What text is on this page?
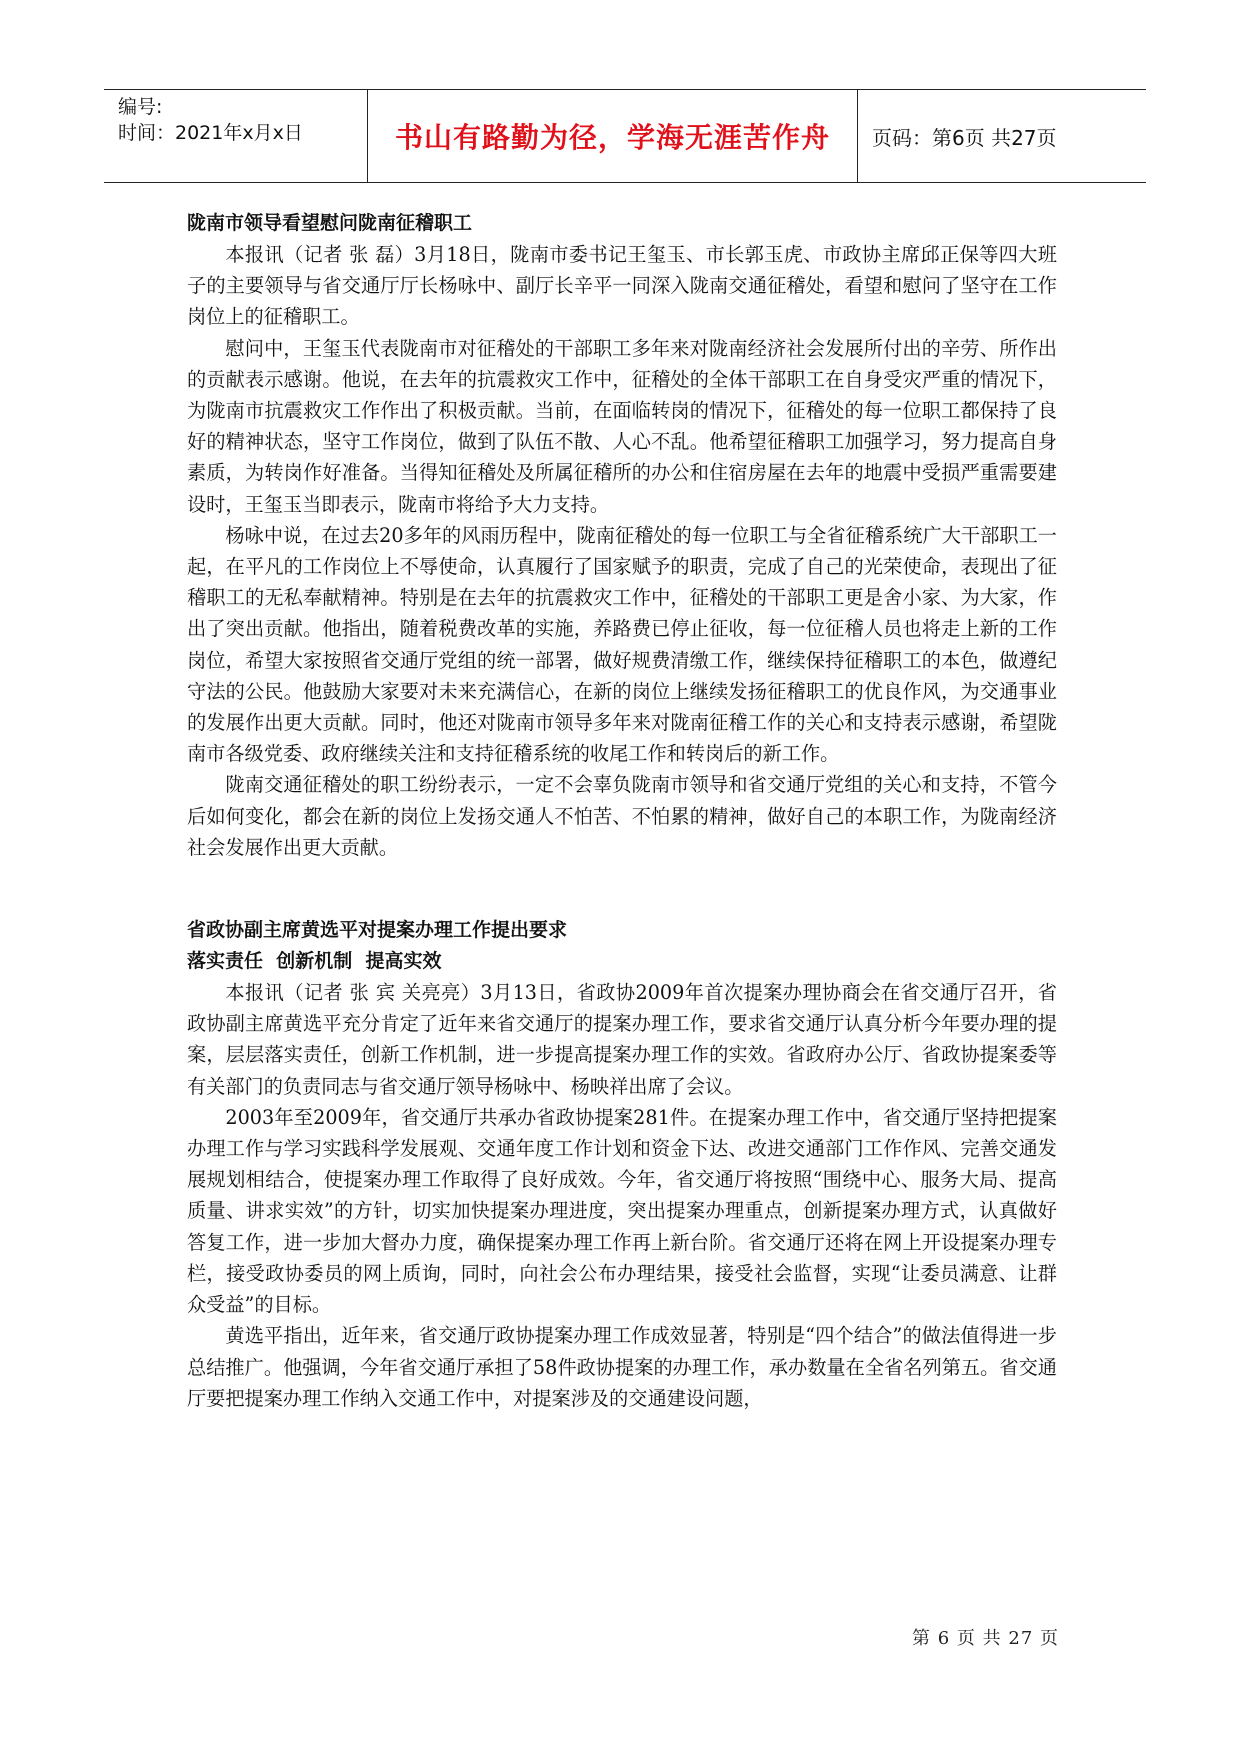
编号:
时间：2021年x月x日	书山有路勤为径，学海无涯苦作舟	页码：第6页 共27页

陇南市领导看望慰问陇南征稽职工

本报讯（记者 张 磊）3月18日，陇南市委书记王玺玉、市长郭玉虎、市政协主席邱正保等四大班子的主要领导与省交通厅厅长杨咏中、副厅长辛平一同深入陇南交通征稽处，看望和慰问了坚守在工作岗位上的征稽职工。

慰问中，王玺玉代表陇南市对征稽处的干部职工多年来对陇南经济社会发展所付出的辛劳、所作出的贡献表示感谢。他说，在去年的抗震救灾工作中，征稽处的全体干部职工在自身受灾严重的情况下，为陇南市抗震救灾工作作出了积极贡献。当前，在面临转岗的情况下，征稽处的每一位职工都保持了良好的精神状态，坚守工作岗位，做到了队伍不散、人心不乱。他希望征稽职工加强学习，努力提高自身素质，为转岗作好准备。当得知征稽处及所属征稽所的办公和住宿房屋在去年的地震中受损严重需要建设时，王玺玉当即表示，陇南市将给予大力支持。

杨咏中说，在过去20多年的风雨历程中，陇南征稽处的每一位职工与全省征稽系统广大干部职工一起，在平凡的工作岗位上不辱使命，认真履行了国家赋予的职责，完成了自己的光荣使命，表现出了征稽职工的无私奉献精神。特别是在去年的抗震救灾工作中，征稽处的干部职工更是舍小家、为大家，作出了突出贡献。他指出，随着税费改革的实施，养路费已停止征收，每一位征稽人员也将走上新的工作岗位，希望大家按照省交通厅党组的统一部署，做好规费清缴工作，继续保持征稽职工的本色，做遵纪守法的公民。他鼓励大家要对未来充满信心，在新的岗位上继续发扬征稽职工的优良作风，为交通事业的发展作出更大贡献。同时，他还对陇南市领导多年来对陇南征稽工作的关心和支持表示感谢，希望陇南市各级党委、政府继续关注和支持征稽系统的收尾工作和转岗后的新工作。

陇南交通征稽处的职工纷纷表示，一定不会辜负陇南市领导和省交通厅党组的关心和支持，不管今后如何变化，都会在新的岗位上发扬交通人不怕苦、不怕累的精神，做好自己的本职工作，为陇南经济社会发展作出更大贡献。

省政协副主席黄选平对提案办理工作提出要求

落实责任  创新机制  提高实效

本报讯（记者 张 宾 关亮亮）3月13日，省政协2009年首次提案办理协商会在省交通厅召开，省政协副主席黄选平充分肯定了近年来省交通厅的提案办理工作，要求省交通厅认真分析今年要办理的提案，层层落实责任，创新工作机制，进一步提高提案办理工作的实效。省政府办公厅、省政协提案委等有关部门的负责同志与省交通厅领导杨咏中、杨映祥出席了会议。

2003年至2009年，省交通厅共承办省政协提案281件。在提案办理工作中，省交通厅坚持把提案办理工作与学习实践科学发展观、交通年度工作计划和资金下达、改进交通部门工作作风、完善交通发展规划相结合，使提案办理工作取得了良好成效。今年，省交通厅将按照“围绕中心、服务大局、提高质量、讲求实效”的方针，切实加快提案办理进度，突出提案办理重点，创新提案办理方式，认真做好答复工作，进一步加大督办力度，确保提案办理工作再上新台阶。省交通厅还将在网上开设提案办理专栏，接受政协委员的网上质询，同时，向社会公布办理结果，接受社会监督，实现“让委员满意、让群众受益”的目标。

黄选平指出，近年来，省交通厅政协提案办理工作成效显著，特别是“四个结合”的做法值得进一步总结推广。他强调，今年省交通厅承担了58件政协提案的办理工作，承办数量在全省名列第五。省交通厅要把提案办理工作纳入交通工作中，对提案涉及的交通建设问题，

第 6 页 共 27 页
